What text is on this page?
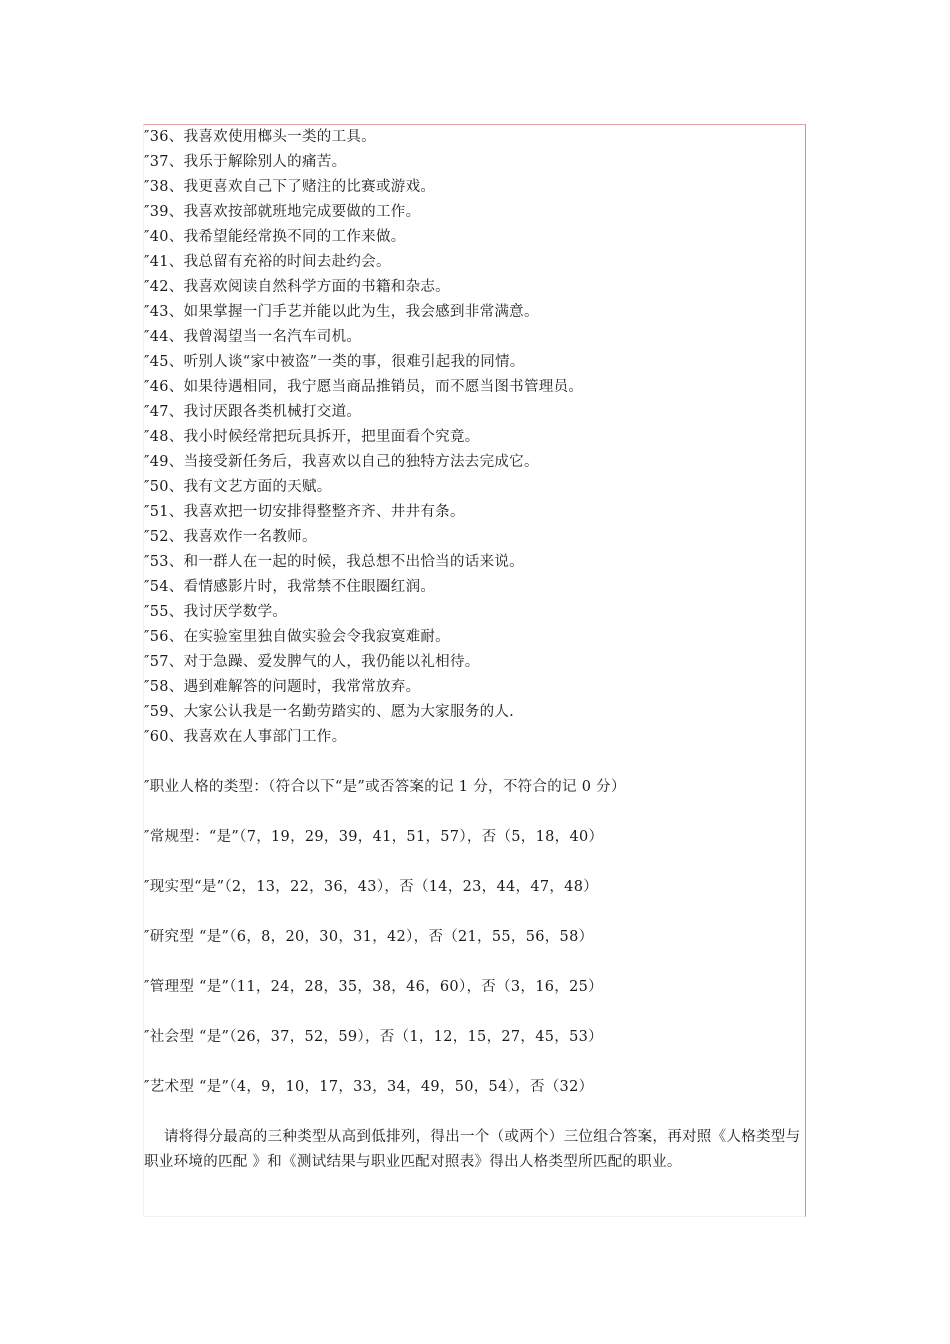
″36、我喜欢使用榔头一类的工具。
″37、我乐于解除别人的痛苦。
″38、我更喜欢自己下了赌注的比赛或游戏。
″39、我喜欢按部就班地完成要做的工作。
″40、我希望能经常换不同的工作来做。
″41、我总留有充裕的时间去赴约会。
″42、我喜欢阅读自然科学方面的书籍和杂志。
″43、如果掌握一门手艺并能以此为生，我会感到非常满意。
″44、我曾渴望当一名汽车司机。
″45、听别人谈“家中被盗”一类的事，很难引起我的同情。
″46、如果待遇相同，我宁愿当商品推销员，而不愿当图书管理员。
″47、我讨厌跟各类机械打交道。
″48、我小时候经常把玩具拆开，把里面看个究竟。
″49、当接受新任务后，我喜欢以自己的独特方法去完成它。
″50、我有文艺方面的天赋。
″51、我喜欢把一切安排得整整齐齐、井井有条。
″52、我喜欢作一名教师。
″53、和一群人在一起的时候，我总想不出恰当的话来说。
″54、看情感影片时，我常禁不住眼圈红润。
″55、我讨厌学数学。
″56、在实验室里独自做实验会令我寂寞难耐。
″57、对于急躁、爱发脾气的人，我仍能以礼相待。
″58、遇到难解答的问题时，我常常放弃。
″59、大家公认我是一名勤劳踏实的、愿为大家服务的人.
″60、我喜欢在人事部门工作。
″职业人格的类型：（符合以下“是”或否答案的记 1 分，不符合的记 0 分）
″常规型：“是”（7，19，29，39，41，51，57），否（5，18，40）
″现实型“是”（2，13，22，36，43），否（14，23，44，47，48）
″研究型 “是”（6，8，20，30，31，42），否（21，55，56，58）
″管理型 “是”（11，24，28，35，38，46，60），否（3，16，25）
″社会型 “是”（26，37，52，59），否（1，12，15，27，45，53）
″艺术型 “是”（4，9，10，17，33，34，49，50，54），否（32）
请将得分最高的三种类型从高到低排列，得出一个（或两个）三位组合答案，再对照《人格类型与职业环境的匹配 》和《测试结果与职业匹配对照表》得出人格类型所匹配的职业。
